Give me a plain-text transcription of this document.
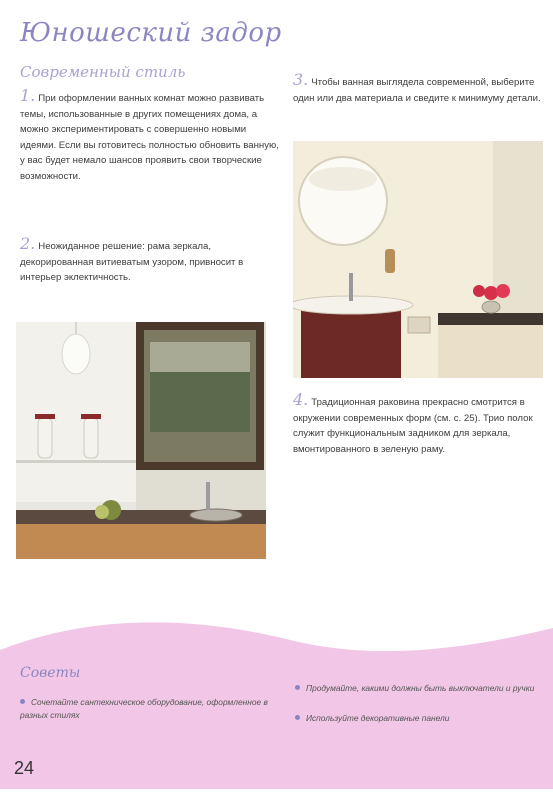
Юношеский задор
Современный стиль
1. При оформлении ванных комнат можно развивать темы, использованные в других помещениях дома, а можно экспериментировать с совершенно новыми идеями. Если вы готовитесь полностью обновить ванную, у вас будет немало шансов проявить свои творческие возможности.
2. Неожиданное решение: рама зеркала, декорированная витиеватым узором, привносит в интерьер эклектичность.
3. Чтобы ванная выглядела современной, выберите один или два материала и сведите к минимуму детали.
4. Традиционная раковина прекрасно смотрится в окружении современных форм (см. с. 25). Трио полок служит функциональным задником для зеркала, вмонтированного в зеленую раму.
Советы
Сочетайте сантехническое оборудование, оформленное в разных стилях
Продумайте, какими должны быть выключатели и ручки
Используйте декоративные панели
24
